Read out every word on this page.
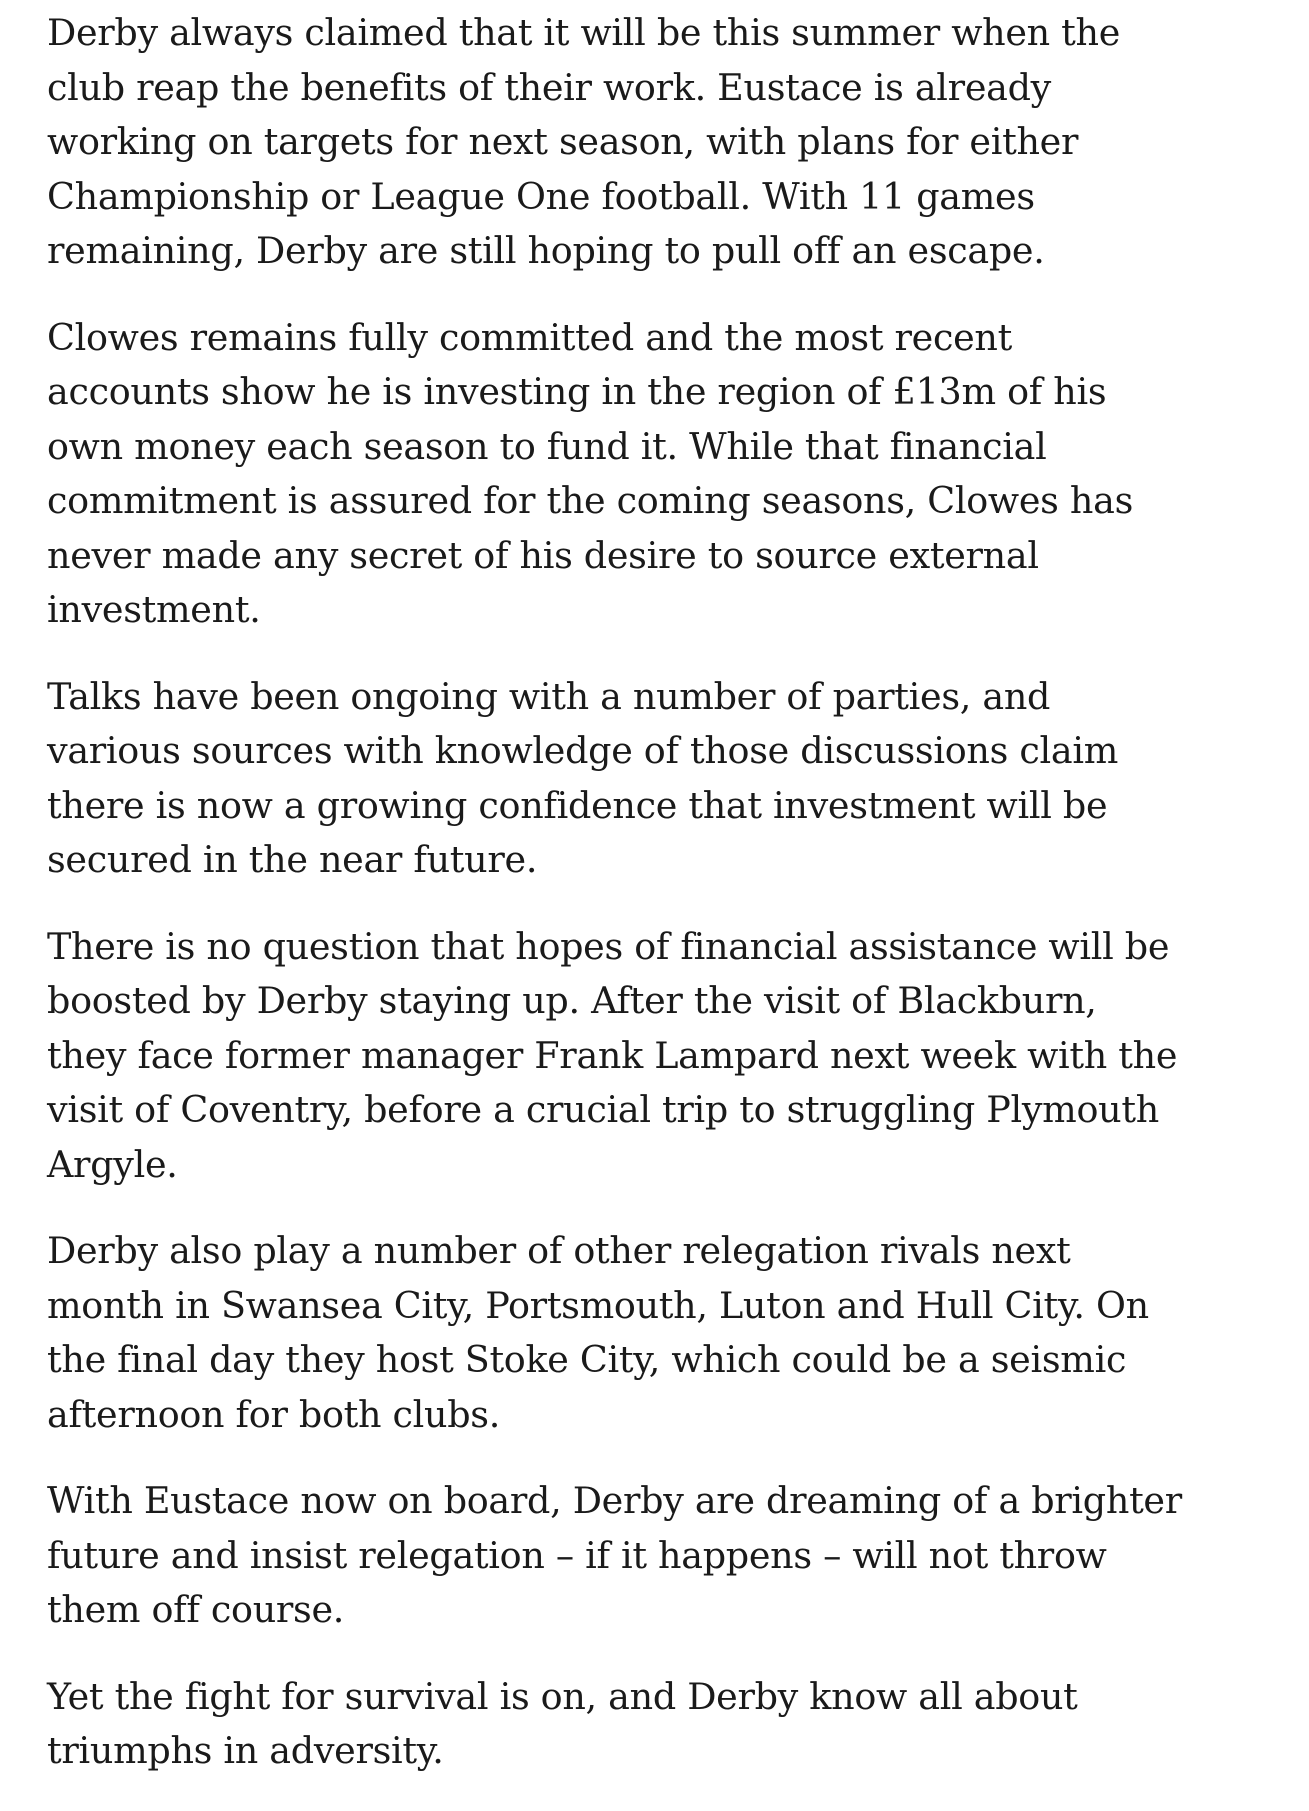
Derby always claimed that it will be this summer when the
club reap the benefits of their work. Eustace is already
working on targets for next season, with plans for either
Championship or League One football. With 11 games
remaining, Derby are still hoping to pull off an escape.

Clowes remains fully committed and the most recent
accounts show he is investing in the region of £13m of his
own money each season to fund it. While that financial
commitment is assured for the coming seasons, Clowes has
never made any secret of his desire to source external
investment.

Talks have been ongoing with a number of parties, and
various sources with knowledge of those discussions claim
there is now a growing confidence that investment will be
secured in the near future.

There is no question that hopes of financial assistance will be
boosted by Derby staying up. After the visit of Blackburn,
they face former manager Frank Lampard next week with the
visit of Coventry, before a crucial trip to struggling Plymouth
Argyle.

Derby also play a number of other relegation rivals next
month in Swansea City, Portsmouth, Luton and Hull City. On
the final day they host Stoke City, which could be a seismic
afternoon for both clubs.

With Eustace now on board, Derby are dreaming of a brighter
future and insist relegation – if it happens – will not throw
them off course.

Yet the fight for survival is on, and Derby know all about
triumphs in adversity.
